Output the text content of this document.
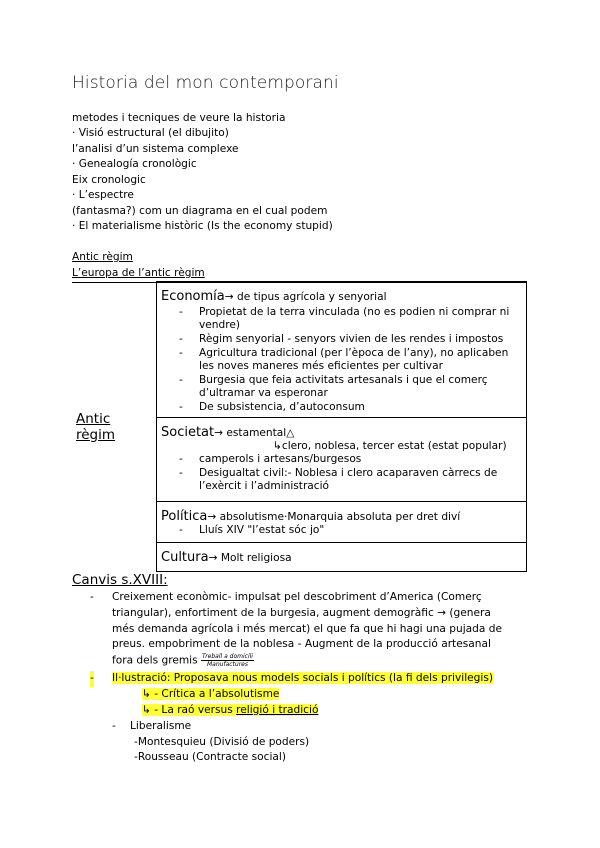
Historia del mon contemporani
metodes i tecniques de veure la historia
· Visió estructural (el dibujito)
l’analisi d’un sistema complexe
· Genealogía cronològic
Eix cronologic
· L’espectre
(fantasma?) com un diagrama en el cual podem
· El materialisme històric (Is the economy stupid)
Antic règim
L’europa de l’antic règim
Antic
règim

Economía→ de tipus agrícola y senyorial
- Propietat de la terra vinculada (no es podien ni comprar ni vendre)
- Règim senyorial - senyors vivien de les rendes i impostos
- Agricultura tradicional (per l’època de l’any), no aplicaben les noves maneres més eficientes per cultivar
- Burgesia que feia activitats artesanals i que el comerç d’ultramar va esperonar
- De subsistencia, d’autoconsum

Societat→ estamental△
↳clero, noblesa, tercer estat (estat popular)
- camperols i artesans/burgesos
- Desigualtat civil:- Noblesa i clero acaparaven càrrecs de l’exèrcit i l’administració

Política→ absolutisme·Monarquia absoluta per dret diví
- Lluís XIV "l’estat sóc jo"

Cultura→ Molt religiosa
Canvis s.XVIII:
- Creixement econòmic- impulsat pel descobriment d’America (Comerç
triangular), enfortiment de la burgesia, augment demogràfic → (genera
més demanda agrícola i més mercat) el que fa que hi hagi una pujada de
preus. empobriment de la noblesa - Augment de la producció artesanal
fora dels gremis $\frac{\text{Treball a domicili}}{\text{Manufactures}}$
- Il·lustració: Proposava nous models socials i polítics (la fi dels privilegis)
↳ - Crítica a l’absolutisme
↳ - La raó versus religió i tradició
- Liberalisme
-Montesquieu (Divisió de poders)
-Rousseau (Contracte social)
